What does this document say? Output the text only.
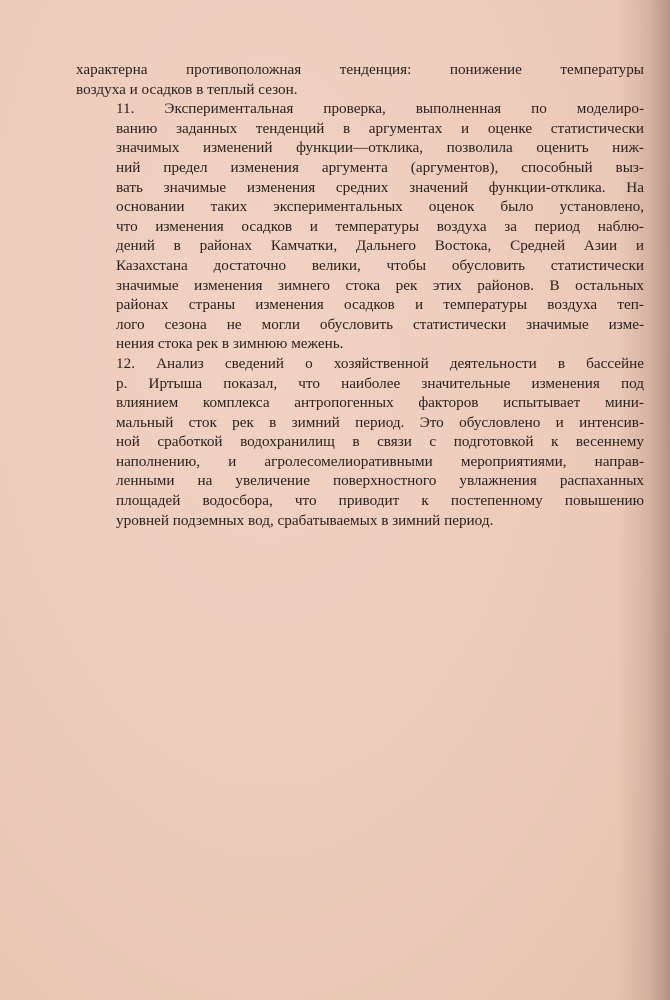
характерна противоположная тенденция: понижение температуры
воздуха и осадков в теплый сезон.
11. Экспериментальная проверка, выполненная по моделиро-
ванию заданных тенденций в аргументах и оценке статистически
значимых изменений функции—отклика, позволила оценить ниж-
ний предел изменения аргумента (аргументов), способный выз-
вать значимые изменения средних значений функции-отклика. На
основании таких экспериментальных оценок было установлено,
что изменения осадков и температуры воздуха за период наблю-
дений в районах Камчатки, Дальнего Востока, Средней Азии и
Казахстана достаточно велики, чтобы обусловить статистически
значимые изменения зимнего стока рек этих районов. В остальных
районах страны изменения осадков и температуры воздуха теп-
лого сезона не могли обусловить статистически значимые изме-
нения стока рек в зимнюю межень.
12. Анализ сведений о хозяйственной деятельности в бассейне
р. Иртыша показал, что наиболее значительные изменения под
влиянием комплекса антропогенных факторов испытывает мини-
мальный сток рек в зимний период. Это обусловлено и интенсив-
ной сработкой водохранилищ в связи с подготовкой к весеннему
наполнению, и агролесомелиоративными мероприятиями, направ-
ленными на увеличение поверхностного увлажнения распаханных
площадей водосбора, что приводит к постепенному повышению
уровней подземных вод, срабатываемых в зимний период.
